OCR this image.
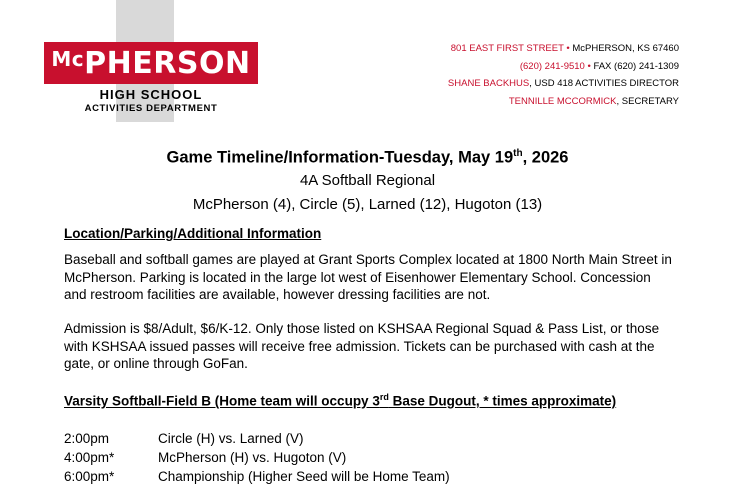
Mc PHERSON
HIGH SCHOOL
ACTIVITIES DEPARTMENT
801 EAST FIRST STREET • McPHERSON, KS 67460
(620) 241-9510 • FAX (620) 241-1309
SHANE BACKHUS, USD 418 ACTIVITIES DIRECTOR
TENNILLE MCCORMICK, SECRETARY
Game Timeline/Information-Tuesday, May 19th, 2026
4A Softball Regional
McPherson (4), Circle (5), Larned (12), Hugoton (13)
Location/Parking/Additional Information
Baseball and softball games are played at Grant Sports Complex located at 1800 North Main Street in McPherson. Parking is located in the large lot west of Eisenhower Elementary School. Concession and restroom facilities are available, however dressing facilities are not.
Admission is $8/Adult, $6/K-12. Only those listed on KSHSAA Regional Squad & Pass List, or those with KSHSAA issued passes will receive free admission. Tickets can be purchased with cash at the gate, or online through GoFan.
Varsity Softball-Field B (Home team will occupy 3rd Base Dugout, * times approximate)
2:00pm	Circle (H) vs. Larned (V)
4:00pm*	McPherson (H) vs. Hugoton (V)
6:00pm*	Championship (Higher Seed will be Home Team)
